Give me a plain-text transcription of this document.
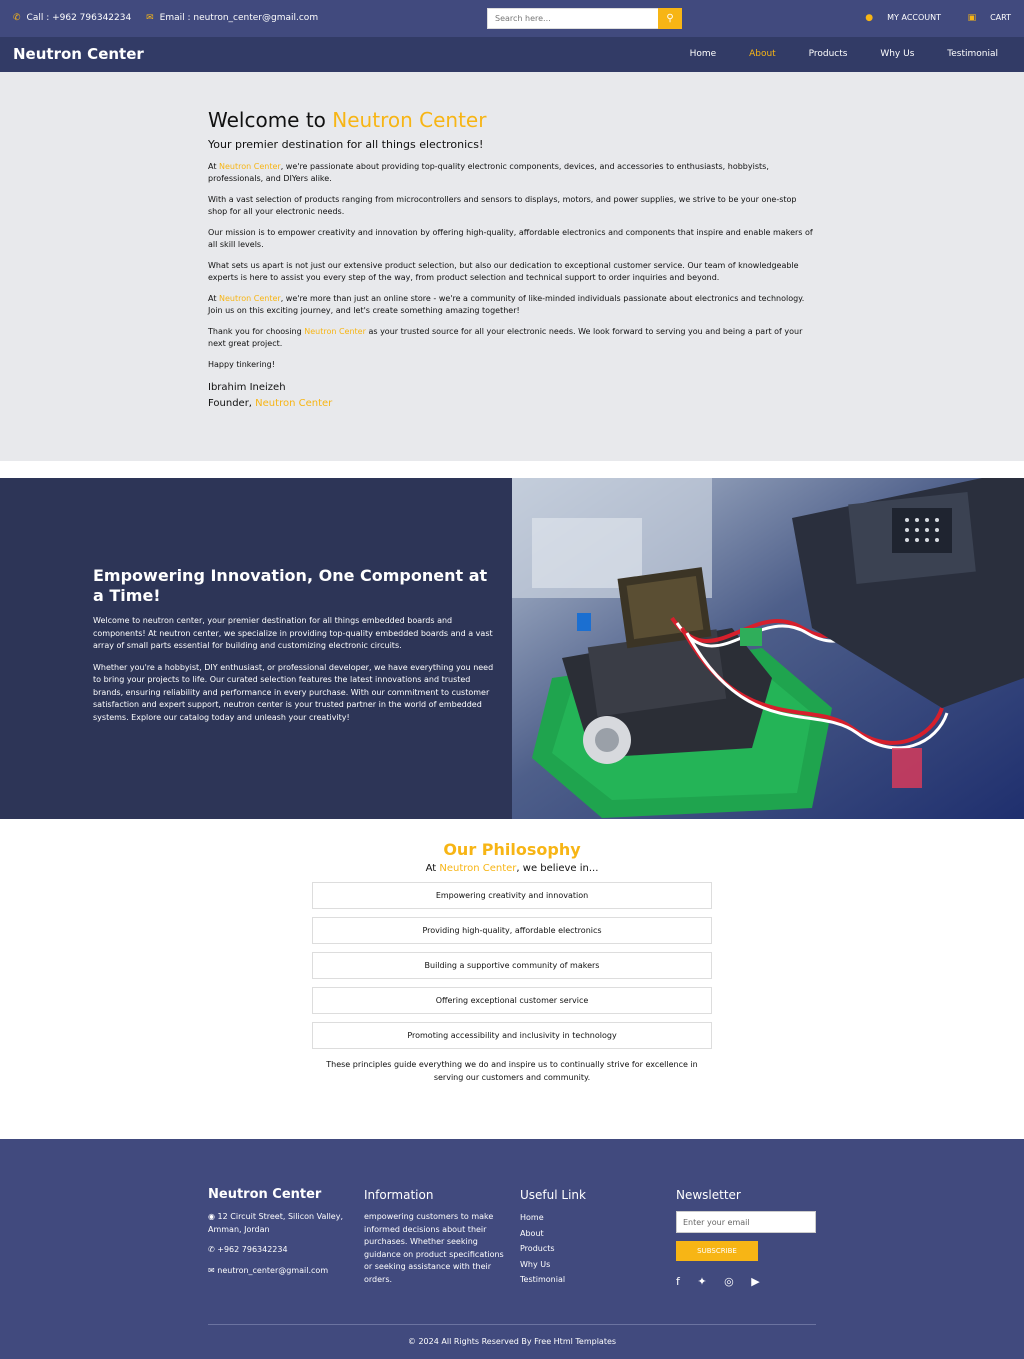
✆ Call : +962 796342234 ✉ Email : neutron_center@gmail.com
Search here...	⚲	● MY ACCOUNT	▣ CART
Neutron Center	Home	About	Products	Why Us	Testimonial
Welcome to Neutron Center
Your premier destination for all things electronics!

At Neutron Center, we're passionate about providing top-quality electronic components, devices, and accessories to enthusiasts, hobbyists, professionals, and DIYers alike.

With a vast selection of products ranging from microcontrollers and sensors to displays, motors, and power supplies, we strive to be your one-stop shop for all your electronic needs.

Our mission is to empower creativity and innovation by offering high-quality, affordable electronics and components that inspire and enable makers of all skill levels.

What sets us apart is not just our extensive product selection, but also our dedication to exceptional customer service. Our team of knowledgeable experts is here to assist you every step of the way, from product selection and technical support to order inquiries and beyond.

At Neutron Center, we're more than just an online store - we're a community of like-minded individuals passionate about electronics and technology. Join us on this exciting journey, and let's create something amazing together!

Thank you for choosing Neutron Center as your trusted source for all your electronic needs. We look forward to serving you and being a part of your next great project.

Happy tinkering!

Ibrahim Ineizeh
Founder, Neutron Center
Empowering Innovation, One Component at a Time!

Welcome to neutron center, your premier destination for all things embedded boards and components! At neutron center, we specialize in providing top-quality embedded boards and a vast array of small parts essential for building and customizing electronic circuits.

Whether you're a hobbyist, DIY enthusiast, or professional developer, we have everything you need to bring your projects to life. Our curated selection features the latest innovations and trusted brands, ensuring reliability and performance in every purchase. With our commitment to customer satisfaction and expert support, neutron center is your trusted partner in the world of embedded systems. Explore our catalog today and unleash your creativity!

Our Philosophy
At Neutron Center, we believe in...
Empowering creativity and innovation
Providing high-quality, affordable electronics
Building a supportive community of makers
Offering exceptional customer service
Promoting accessibility and inclusivity in technology
These principles guide everything we do and inspire us to continually strive for excellence in serving our customers and community.
Neutron Center
◉ 12 Circuit Street, Silicon Valley, Amman, Jordan
✆ +962 796342234
✉ neutron_center@gmail.com
Information
empowering customers to make informed decisions about their purchases. Whether seeking guidance on product specifications or seeking assistance with their orders.
Useful Link
Home
About
Products
Why Us
Testimonial
Newsletter
Enter your email
SUBSCRIBE
f ✦ ◎ ▶
© 2024 All Rights Reserved By Free Html Templates
